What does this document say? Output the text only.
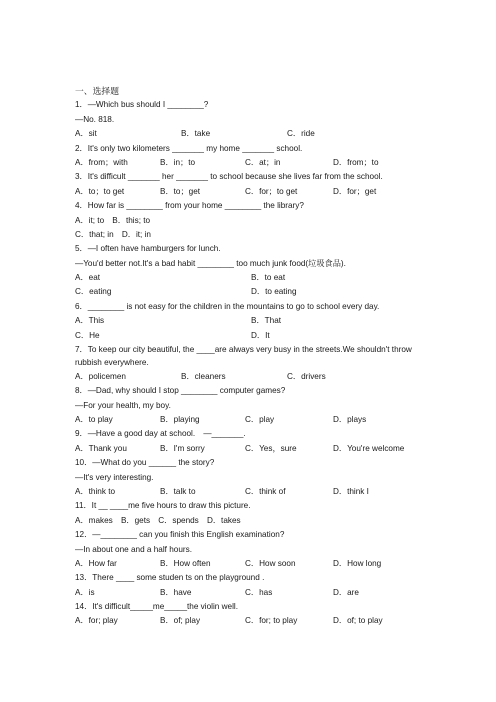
一、选择题
1．—Which bus should I ________?
—No. 818.
A．sit	B．take	C．ride
2．It's only two kilometers _______ my home _______ school.
A．from；with	B．in；to	C．at；in	D．from；to
3．It's difficult _______ her _______ to school because she lives far from the school.
A．to；to get	B．to；get	C．for；to get	D．for；get
4．How far is ________ from your home ________ the library?
A．it; to　B．this; to
C．that; in　D．it; in
5．—I often have hamburgers for lunch.
—You'd better not.It's a bad habit ________ too much junk food(垃圾食品).
A．eat	B．to eat
C．eating	D．to eating
6．________ is not easy for the children in the mountains to go to school every day.
A．This	B．That
C．He	D．It
7．To keep our city beautiful, the ____are always very busy in the streets.We shouldn't throw rubbish everywhere.
A．policemen	B．cleaners	C．drivers
8．—Dad, why should I stop ________ computer games?
—For your health, my boy.
A．to play	B．playing	C．play	D．plays
9．—Have a good day at school.　—_______.
A．Thank you	B．I'm sorry	C．Yes，sure	D．You're welcome
10．—What do you ______ the story?
—It's very interesting.
A．think to	B．talk to	C．think of	D．think I
11．It __ ____me five hours to draw this picture.
A．makes　B．gets　C．spends　D．takes
12．—________ can you finish this English examination?
—In about one and a half hours.
A．How far	B．How often	C．How soon	D．How long
13．There ____ some studen ts on the playground .
A．is	B．have	C．has	D．are
14．It's difficult_____me_____the violin well.
A．for; play	B．of; play	C．for; to play	D．of; to play
